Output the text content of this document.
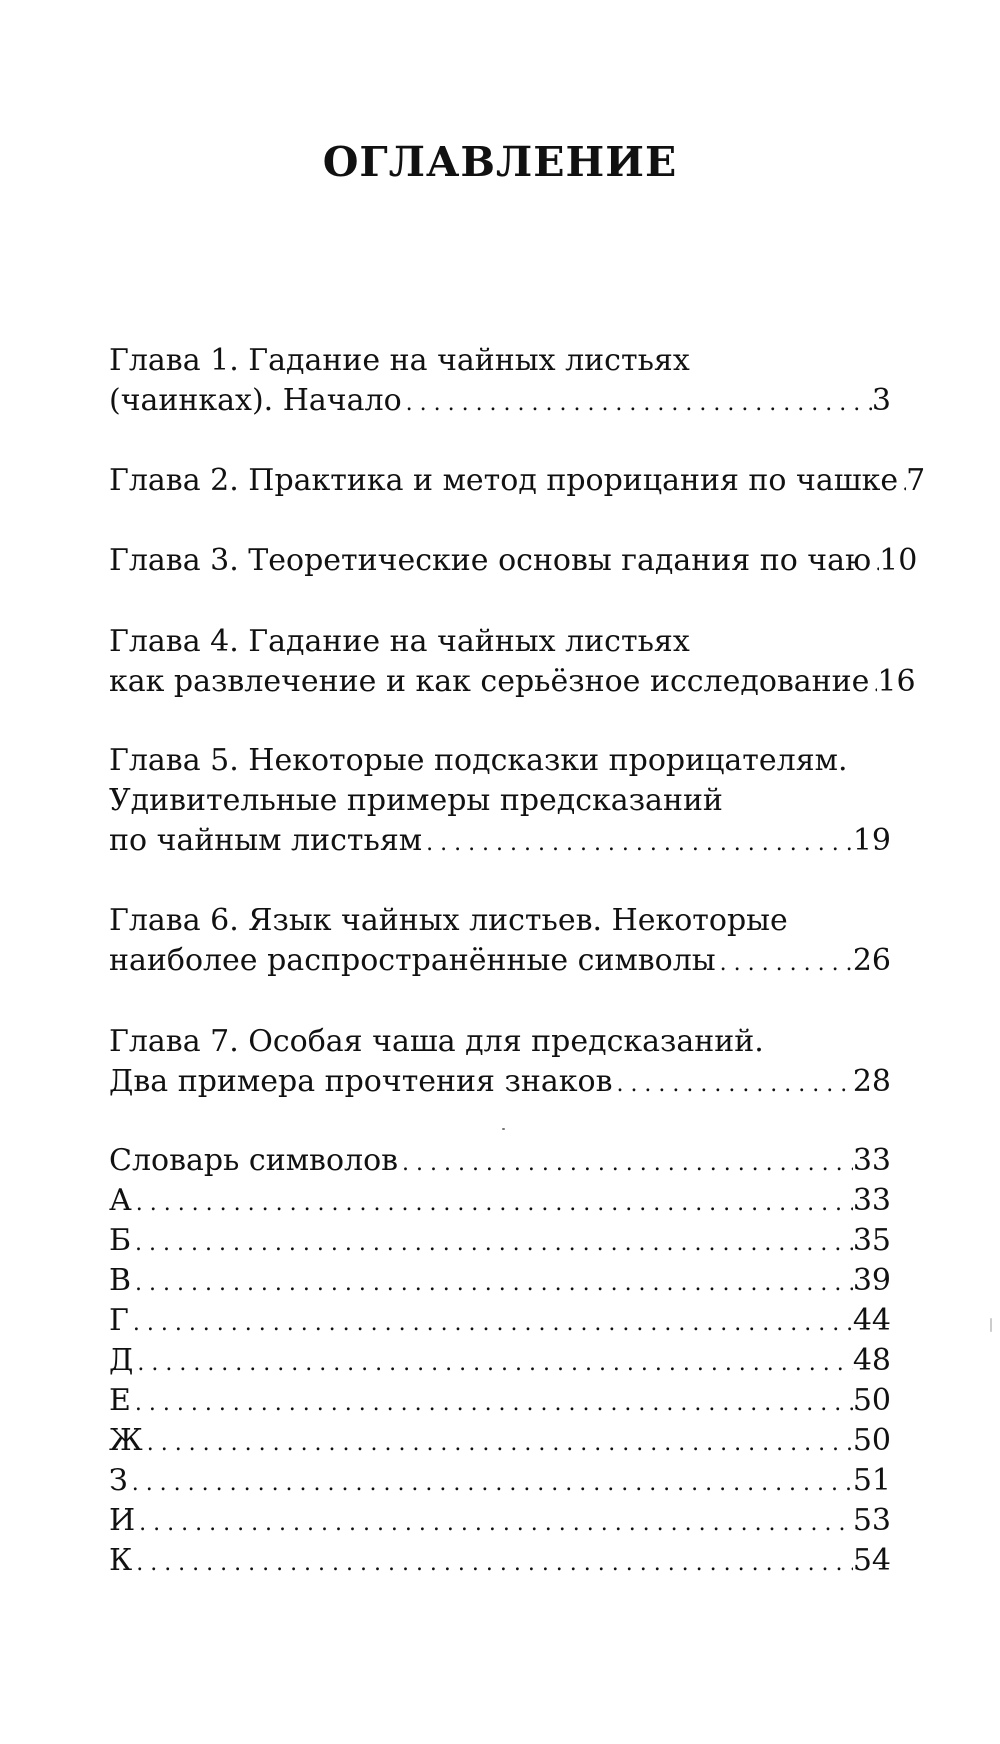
ОГЛАВЛЕНИЕ
Глава 1. Гадание на чайных листьях
(чаинках). Начало . . .	3
Глава 2. Практика и метод прорицания по чашке . . . 7
Глава 3. Теоретические основы гадания по чаю . . . 10
Глава 4. Гадание на чайных листьях
как развлечение и как серьёзное исследование . . . 16
Глава 5. Некоторые подсказки прорицателям.
Удивительные примеры предсказаний
по чайным листьям . . .	19
Глава 6. Язык чайных листьев. Некоторые
наиболее распространённые символы . . .	26
Глава 7. Особая чаша для предсказаний.
Два примера прочтения знаков . . .	28
Словарь символов . . .	33
А . . .	33
Б . . .	35
В . . .	39
Г . . .	44
Д . . .	48
Е . . .	50
Ж . . .	50
З . . .	51
И . . .	53
К . . .	54
